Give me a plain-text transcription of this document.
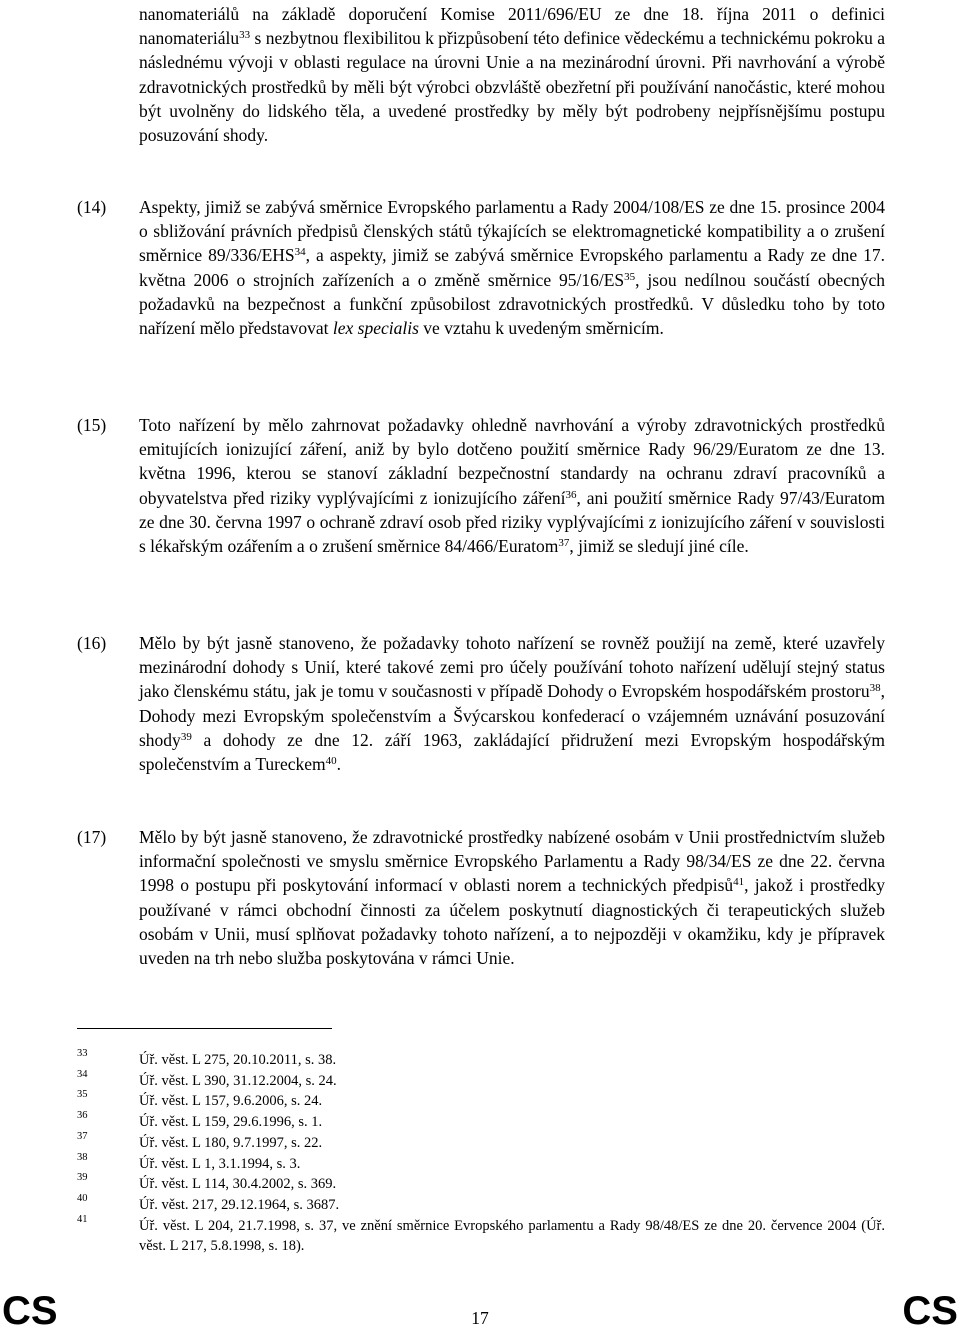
nanomateriálů na základě doporučení Komise 2011/696/EU ze dne 18. října 2011 o definici nanomateriálu$^{33}$ s nezbytnou flexibilitou k přizpůsobení této definice vědeckému a technickému pokroku a následnému vývoji v oblasti regulace na úrovni Unie a na mezinárodní úrovni. Při navrhování a výrobě zdravotnických prostředků by měli být výrobci obzvláště obezřetní při používání nanočástic, které mohou být uvolněny do lidského těla, a uvedené prostředky by měly být podrobeny nejpřísnějšímu postupu posuzování shody.
(14)	Aspekty, jimiž se zabývá směrnice Evropského parlamentu a Rady 2004/108/ES ze dne 15. prosince 2004 o sbližování právních předpisů členských států týkajících se elektromagnetické kompatibility a o zrušení směrnice 89/336/EHS$^{34}$, a aspekty, jimiž se zabývá směrnice Evropského parlamentu a Rady ze dne 17. května 2006 o strojních zařízeních a o změně směrnice 95/16/ES$^{35}$, jsou nedílnou součástí obecných požadavků na bezpečnost a funkční způsobilost zdravotnických prostředků. V důsledku toho by toto nařízení mělo představovat lex specialis ve vztahu k uvedeným směrnicím.
(15)	Toto nařízení by mělo zahrnovat požadavky ohledně navrhování a výroby zdravotnických prostředků emitujících ionizující záření, aniž by bylo dotčeno použití směrnice Rady 96/29/Euratom ze dne 13. května 1996, kterou se stanoví základní bezpečnostní standardy na ochranu zdraví pracovníků a obyvatelstva před riziky vyplývajícími z ionizujícího záření$^{36}$, ani použití směrnice Rady 97/43/Euratom ze dne 30. června 1997 o ochraně zdraví osob před riziky vyplývajícími z ionizujícího záření v souvislosti s lékařským ozářením a o zrušení směrnice 84/466/Euratom$^{37}$, jimiž se sledují jiné cíle.
(16)	Mělo by být jasně stanoveno, že požadavky tohoto nařízení se rovněž použijí na země, které uzavřely mezinárodní dohody s Unií, které takové zemi pro účely používání tohoto nařízení udělují stejný status jako členskému státu, jak je tomu v současnosti v případě Dohody o Evropském hospodářském prostoru$^{38}$, Dohody mezi Evropským společenstvím a Švýcarskou konfederací o vzájemném uznávání posuzování shody$^{39}$ a dohody ze dne 12. září 1963, zakládající přidružení mezi Evropským hospodářským společenstvím a Tureckem$^{40}$.
(17)	Mělo by být jasně stanoveno, že zdravotnické prostředky nabízené osobám v Unii prostřednictvím služeb informační společnosti ve smyslu směrnice Evropského Parlamentu a Rady 98/34/ES ze dne 22. června 1998 o postupu při poskytování informací v oblasti norem a technických předpisů$^{41}$, jakož i prostředky používané v rámci obchodní činnosti za účelem poskytnutí diagnostických či terapeutických služeb osobám v Unii, musí splňovat požadavky tohoto nařízení, a to nejpozději v okamžiku, kdy je přípravek uveden na trh nebo služba poskytována v rámci Unie.
33	Úř. věst. L 275, 20.10.2011, s. 38.
34	Úř. věst. L 390, 31.12.2004, s. 24.
35	Úř. věst. L 157, 9.6.2006, s. 24.
36	Úř. věst. L 159, 29.6.1996, s. 1.
37	Úř. věst. L 180, 9.7.1997, s. 22.
38	Úř. věst. L 1, 3.1.1994, s. 3.
39	Úř. věst. L 114, 30.4.2002, s. 369.
40	Úř. věst. 217, 29.12.1964, s. 3687.
41	Úř. věst. L 204, 21.7.1998, s. 37, ve znění směrnice Evropského parlamentu a Rady 98/48/ES ze dne 20. července 2004 (Úř. věst. L 217, 5.8.1998, s. 18).
CS	17	CS
